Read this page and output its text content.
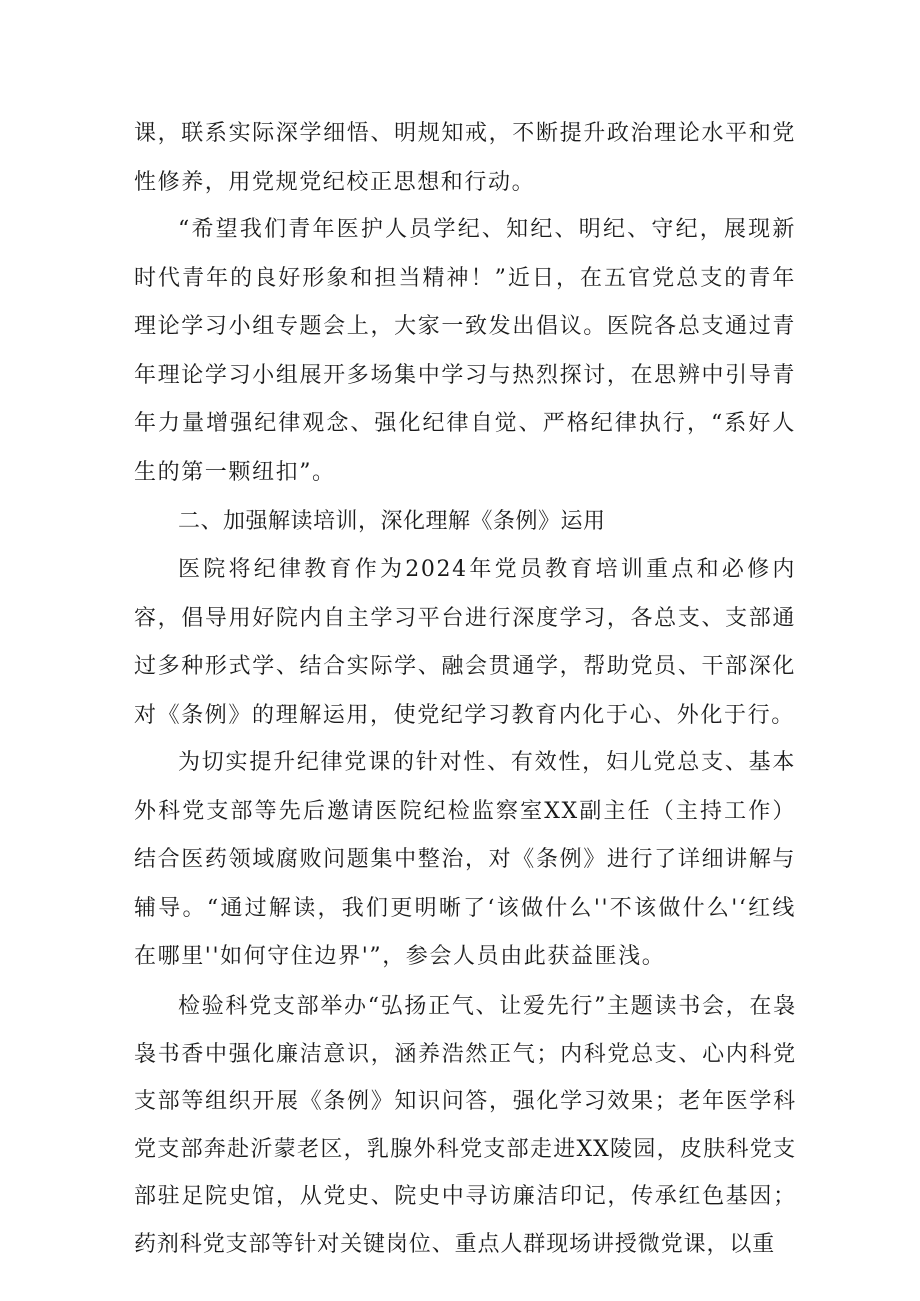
课，联系实际深学细悟、明规知戒，不断提升政治理论水平和党性修养，用党规党纪校正思想和行动。

“希望我们青年医护人员学纪、知纪、明纪、守纪，展现新时代青年的良好形象和担当精神！”近日，在五官党总支的青年理论学习小组专题会上，大家一致发出倡议。医院各总支通过青年理论学习小组展开多场集中学习与热烈探讨，在思辨中引导青年力量增强纪律观念、强化纪律自觉、严格纪律执行，“系好人生的第一颗纽扣”。

二、加强解读培训，深化理解《条例》运用

医院将纪律教育作为2024年党员教育培训重点和必修内容，倡导用好院内自主学习平台进行深度学习，各总支、支部通过多种形式学、结合实际学、融会贯通学，帮助党员、干部深化对《条例》的理解运用，使党纪学习教育内化于心、外化于行。

为切实提升纪律党课的针对性、有效性，妇儿党总支、基本外科党支部等先后邀请医院纪检监察室XX副主任（主持工作）结合医药领域腐败问题集中整治，对《条例》进行了详细讲解与辅导。“通过解读，我们更明晰了‘该做什么''不该做什么'‘红线在哪里''如何守住边界'”，参会人员由此获益匪浅。

检验科党支部举办“弘扬正气、让爱先行”主题读书会，在袅袅书香中强化廉洁意识，涵养浩然正气；内科党总支、心内科党支部等组织开展《条例》知识问答，强化学习效果；老年医学科党支部奔赴沂蒙老区，乳腺外科党支部走进XX陵园，皮肤科党支部驻足院史馆，从党史、院史中寻访廉洁印记，传承红色基因；药剂科党支部等针对关键岗位、重点人群现场讲授微党课，以重
